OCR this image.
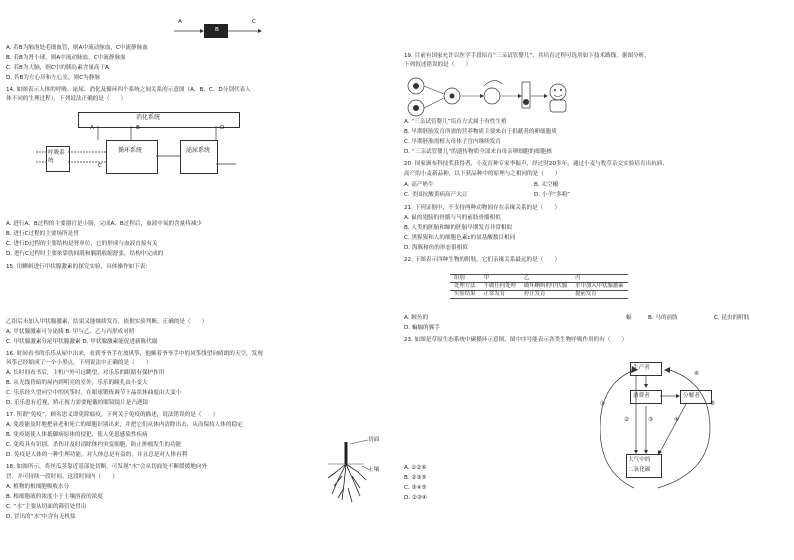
A
B
C
A. 若B为肺泡处毛细血管，则A中流动脉血，C中流静脉血
B. 若B为肾小球，则A中流动脉血，C中流静脉血
C. 若B为大脑，则C中的胰岛素含量高于A
D. 若B为左心房和左心室，则C为静脉
14. 如图表示人体的呼吸、泌尿、消化及循环四个系统之间关系的示意图（A、B、C、D分别代表人
体不同的生理过程），下列说法正确的是（　　）
消化系统
呼吸系统
循环系统	泌尿系统
A	B
C
D
A. 进行A、B过程的主要器官是小肠，完成A、B过程后，血液中氧的含量将减少
B. 进行C过程的主要场所是胃
C. 进行D过程的主要结构是肾单位，它的形成与血液直接有关
D. 进行C过程时主要依靠肋间肌和膈肌收缩舒张，结构中完成的
15. 用蝌蚪进行甲状腺激素的探究实验，具体操作如下表：
乙组后未加入甲状腺激素，结果又能继续发育，依据实验判断，正确的是（　　）
A. 甲状腺激素可分泌胰 B. 甲与乙、乙与丙形成对照
C. 甲状腺激素分泌甲状腺激素 D. 甲状腺激素能促进新陈代谢
16. 时间看书的乐乐从屋中出来，看到爷爷手在放风筝，他顺着爷爷手中的风筝线望向晴朗的天空，发现
风筝已经缩成了一个小黑点。下列说法中正确的是（　　）
A. 长时间看书后，主机户外可远眺望，对乐乐的眼睛有保护作用
B. 从光线昏暗的屋内到明亮的室外，乐乐的瞳孔由小变大
C. 乐乐经久望向空中的风筝时，在眼球锻炼调节下晶状体曲度由大变小
D. 乐乐患有近视，矫正视力需要配戴的眼镜镜片是凸透镜
17. 所谓“免疫”，顾名思义即免除瘟疫。下列关于免疫的描述，说法错误的是（　　）
A. 免疫能及时地把衰老和死亡的细胞识别出来，并把它们从体内清除出去，从而保持人体的稳定
B. 免疫能使人体抵御病原体的侵犯，使人免患感染性疾病
C. 免疫具有识别、杀伤并及时清除体内突变细胞，防止肿瘤发生的功能
D. 免疫是人体的一种生理功能，对人体总是有益的，并且总是对人体有利
18. 如图所示，将丝瓜茎靠近基部处切断，可发现“水”会从切面处不断缓缓地向外
冒，并可持续一段时间。这段时间内（　　）
A. 植物的根细胞吸收水分
B. 根细胞液的浓度小于土壤溶液的浓度
C. “水”主要从切面的筛管处冒出
D. 冒出的“水”中含有无机盐
切面
土壤
19. 目前有国家允许以医学手段培育“三亲试管婴儿”，其培育过程可选用如下技术路线，据图分析，
下列叙述错误的是（　　）
A. “三亲试管婴儿”培育方式属于有性生殖
B. 早期胚胎发育所需的营养物质主要来自于捐献者的卵细胞质
C. 早期胚胎需植入母体子宫内继续发育
D. “三亲试管婴儿”的遗传物质全部来自母亲卵细胞的细胞核
20. 国家颁布科技奖获得者，小麦育种专家李振声，经过时20多年，通过小麦与牧草杂交实验培育出抗病、
高产的小麦新品种，以下获品种中的原理与之相同的是（　　）
A. 高产奶牛	B. 太空椒
C. 美国抗酸黄病高产大豆	D. 小羊“多莉”
21. 下列证据中，不支持两种动物间存在亲缘关系的是（　　）
A. 鼠的翅膀的骨骼与马的前肢骨骼相似
B. 人类的胚胎和鲸的胚胎早期发育非常相似
C. 黑猩猩和人的细胞色素c的氨基酸数目相同
D. 海豚和鱼的形态很相似
22. 下图表示四种生物的附肢，它们亲缘关系最远的是（　　）
组别	甲	乙	丙
处理方法	不做任何处理	破坏蝌蚪的甲状腺	水中加入甲状腺激素
实验结果	正常发育	停止发育	提前发育
A. 鲸鱼的	蝠	B. 马的前肢	C. 昆虫的附肢
D. 蝙蝠的翼手
23. 如图是草原生态系统中碳循环示意图，图中序号能表示各类生物呼吸作用的有（　　）
生产者
消费者	分解者
大气中的
二氧化碳
①
②	③	④
⑤
⑥
A. ①②⑥
B. ②③⑤
C. ③④⑤
D. ②③④
